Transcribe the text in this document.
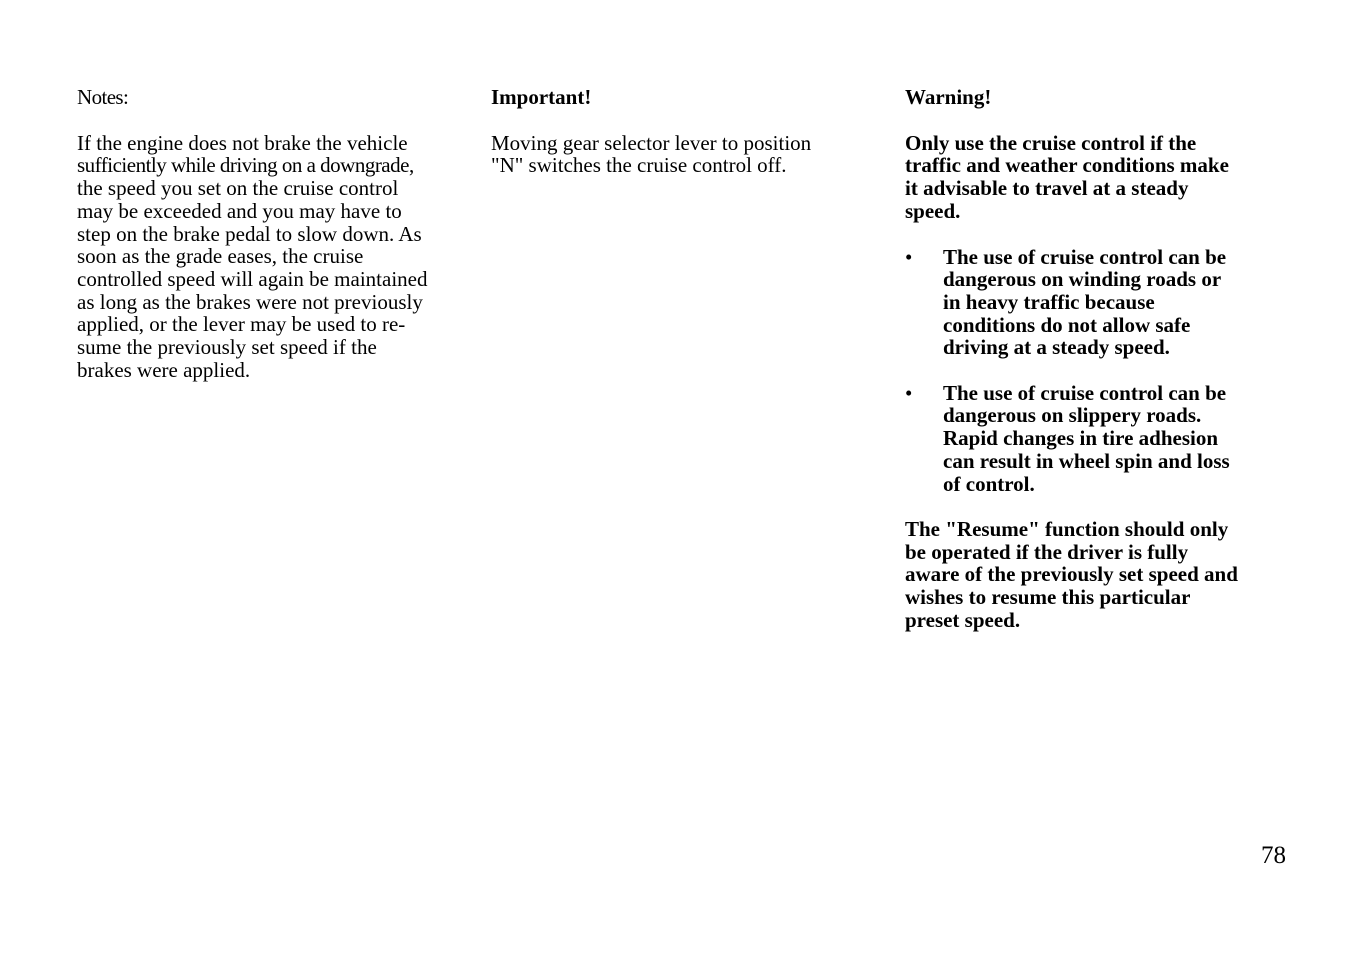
Notes:

If the engine does not brake the vehicle
sufficiently while driving on a downgrade,
the speed you set on the cruise control
may be exceeded and you may have to
step on the brake pedal to slow down. As
soon as the grade eases, the cruise
controlled speed will again be maintained
as long as the brakes were not previously
applied, or the lever may be used to re-
sume the previously set speed if the
brakes were applied.

Important!

Moving gear selector lever to position
"N" switches the cruise control off.

Warning!

Only use the cruise control if the
traffic and weather conditions make
it advisable to travel at a steady
speed.

• The use of cruise control can be
dangerous on winding roads or
in heavy traffic because
conditions do not allow safe
driving at a steady speed.
• The use of cruise control can be
dangerous on slippery roads.
Rapid changes in tire adhesion
can result in wheel spin and loss
of control.

The "Resume" function should only
be operated if the driver is fully
aware of the previously set speed and
wishes to resume this particular
preset speed.

78
